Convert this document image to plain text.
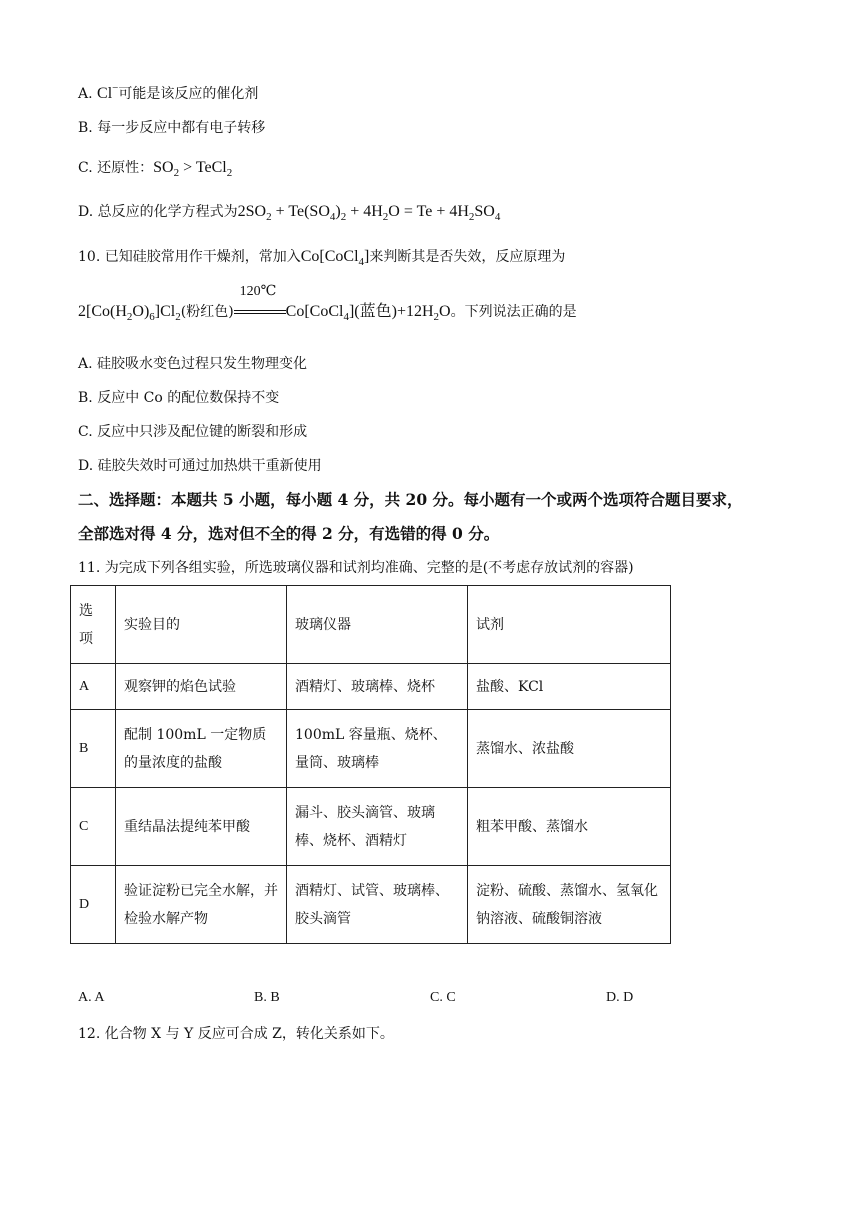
A. Cl−可能是该反应的催化剂
B. 每一步反应中都有电子转移
C. 还原性：$SO_2$ > TeCl$_2$
D. 总反应的化学方程式为$2SO_2 + Te(SO_4)_2 + 4H_2O = Te + 4H_2SO_4$
10. 已知硅胶常用作干燥剂，常加入Co[CoCl$_4$]来判断其是否失效，反应原理为
$2[Co(H_2O)_6]Cl_2$(粉红色)
120℃
Co[CoCl$_4$](蓝色)$+12H_2O$。下列说法正确的是
A. 硅胶吸水变色过程只发生物理变化
B. 反应中 Co 的配位数保持不变
C. 反应中只涉及配位键的断裂和形成
D. 硅胶失效时可通过加热烘干重新使用
二、选择题：本题共 5 小题，每小题 4 分，共 20 分。每小题有一个或两个选项符合题目要求，
全部选对得 4 分，选对但不全的得 2 分，有选错的得 0 分。
11. 为完成下列各组实验，所选玻璃仪器和试剂均准确、完整的是(不考虑存放试剂的容器)
选
项	实验目的	玻璃仪器	试剂
A	观察钾的焰色试验	酒精灯、玻璃棒、烧杯	盐酸、KCl
B	配制 100mL 一定物质的量浓度的盐酸	100mL 容量瓶、烧杯、量筒、玻璃棒	蒸馏水、浓盐酸
C	重结晶法提纯苯甲酸	漏斗、胶头滴管、玻璃棒、烧杯、酒精灯	粗苯甲酸、蒸馏水
D	验证淀粉已完全水解，并检验水解产物	酒精灯、试管、玻璃棒、胶头滴管	淀粉、硫酸、蒸馏水、氢氧化钠溶液、硫酸铜溶液
A. A	B. B	C. C	D. D
12. 化合物 X 与 Y 反应可合成 Z，转化关系如下。
